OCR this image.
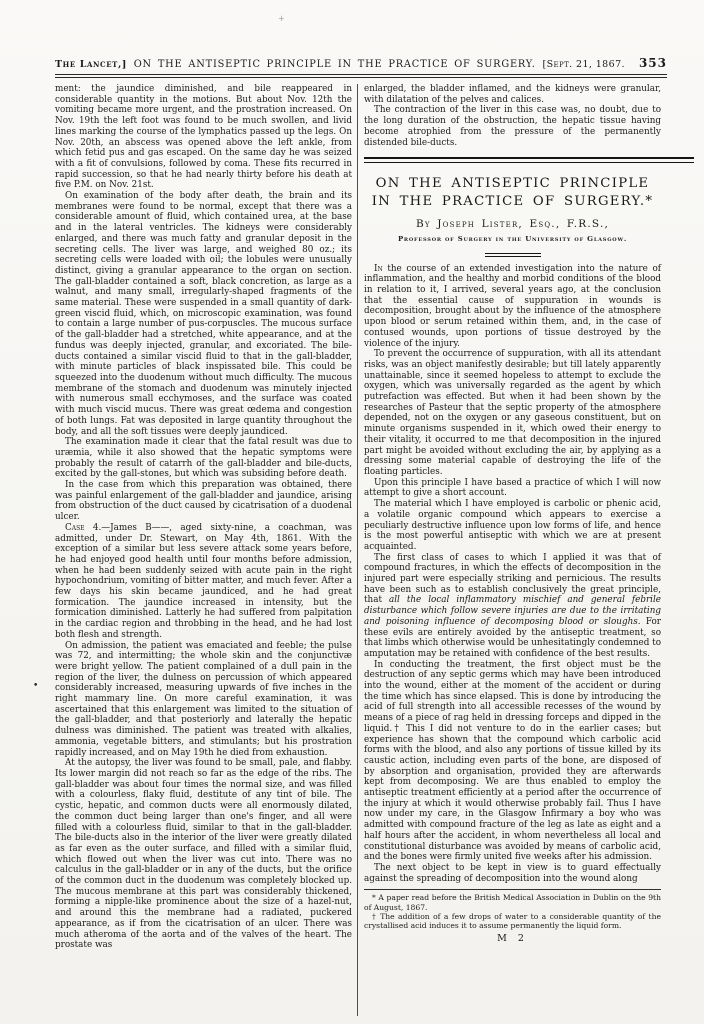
+
•
The Lancet,] ON THE ANTISEPTIC PRINCIPLE IN THE PRACTICE OF SURGERY. [Sept. 21, 1867. 353

ment: the jaundice diminished, and bile reappeared in considerable quantity in the motions. But about Nov. 12th the vomiting became more urgent, and the prostration increased. On Nov. 19th the left foot was found to be much swollen, and livid lines marking the course of the lymphatics passed up the legs. On Nov. 20th, an abscess was opened above the left ankle, from which fetid pus and gas escaped. On the same day he was seized with a fit of convulsions, followed by coma. These fits recurred in rapid succession, so that he had nearly thirty before his death at five P.M. on Nov. 21st.

On examination of the body after death, the brain and its membranes were found to be normal, except that there was a considerable amount of fluid, which contained urea, at the base and in the lateral ventricles. The kidneys were considerably enlarged, and there was much fatty and granular deposit in the secreting cells. The liver was large, and weighed 80 oz.; its secreting cells were loaded with oil; the lobules were unusually distinct, giving a granular appearance to the organ on section. The gall-bladder contained a soft, black concretion, as large as a walnut, and many small, irregularly-shaped fragments of the same material. These were suspended in a small quantity of dark-green viscid fluid, which, on microscopic examination, was found to contain a large number of pus-corpuscles. The mucous surface of the gall-bladder had a stretched, white appearance, and at the fundus was deeply injected, granular, and excoriated. The bile-ducts contained a similar viscid fluid to that in the gall-bladder, with minute particles of black inspissated bile. This could be squeezed into the duodenum without much difficulty. The mucous membrane of the stomach and duodenum was minutely injected with numerous small ecchymoses, and the surface was coated with much viscid mucus. There was great œdema and congestion of both lungs. Fat was deposited in large quantity throughout the body, and all the soft tissues were deeply jaundiced.

The examination made it clear that the fatal result was due to uræmia, while it also showed that the hepatic symptoms were probably the result of catarrh of the gall-bladder and bile-ducts, excited by the gall-stones, but which was subsiding before death.

In the case from which this preparation was obtained, there was painful enlargement of the gall-bladder and jaundice, arising from obstruction of the duct caused by cicatrisation of a duodenal ulcer.

Case 4.—James B——, aged sixty-nine, a coachman, was admitted, under Dr. Stewart, on May 4th, 1861. With the exception of a similar but less severe attack some years before, he had enjoyed good health until four months before admission, when he had been suddenly seized with acute pain in the right hypochondrium, vomiting of bitter matter, and much fever. After a few days his skin became jaundiced, and he had great formication. The jaundice increased in intensity, but the formication diminished. Latterly he had suffered from palpitation in the cardiac region and throbbing in the head, and he had lost both flesh and strength.

On admission, the patient was emaciated and feeble; the pulse was 72, and intermitting; the whole skin and the conjunctivæ were bright yellow. The patient complained of a dull pain in the region of the liver, the dulness on percussion of which appeared considerably increased, measuring upwards of five inches in the right mammary line. On more careful examination, it was ascertained that this enlargement was limited to the situation of the gall-bladder, and that posteriorly and laterally the hepatic dulness was diminished. The patient was treated with alkalies, ammonia, vegetable bitters, and stimulants; but his prostration rapidly increased, and on May 19th he died from exhaustion.

At the autopsy, the liver was found to be small, pale, and flabby. Its lower margin did not reach so far as the edge of the ribs. The gall-bladder was about four times the normal size, and was filled with a colourless, flaky fluid, destitute of any tint of bile. The cystic, hepatic, and common ducts were all enormously dilated, the common duct being larger than one's finger, and all were filled with a colourless fluid, similar to that in the gall-bladder. The bile-ducts also in the interior of the liver were greatly dilated as far even as the outer surface, and filled with a similar fluid, which flowed out when the liver was cut into. There was no calculus in the gall-bladder or in any of the ducts, but the orifice of the common duct in the duodenum was completely blocked up. The mucous membrane at this part was considerably thickened, forming a nipple-like prominence about the size of a hazel-nut, and around this the membrane had a radiated, puckered appearance, as if from the cicatrisation of an ulcer. There was much atheroma of the aorta and of the valves of the heart. The prostate was

enlarged, the bladder inflamed, and the kidneys were granular, with dilatation of the pelves and calices.

The contraction of the liver in this case was, no doubt, due to the long duration of the obstruction, the hepatic tissue having become atrophied from the pressure of the permanently distended bile-ducts.

ON THE ANTISEPTIC PRINCIPLE IN THE PRACTICE OF SURGERY.*
By Joseph Lister, Esq., F.R.S.,
Professor of Surgery in the University of Glasgow.

In the course of an extended investigation into the nature of inflammation, and the healthy and morbid conditions of the blood in relation to it, I arrived, several years ago, at the conclusion that the essential cause of suppuration in wounds is decomposition, brought about by the influence of the atmosphere upon blood or serum retained within them, and, in the case of contused wounds, upon portions of tissue destroyed by the violence of the injury.

To prevent the occurrence of suppuration, with all its attendant risks, was an object manifestly desirable; but till lately apparently unattainable, since it seemed hopeless to attempt to exclude the oxygen, which was universally regarded as the agent by which putrefaction was effected. But when it had been shown by the researches of Pasteur that the septic property of the atmosphere depended, not on the oxygen or any gaseous constituent, but on minute organisms suspended in it, which owed their energy to their vitality, it occurred to me that decomposition in the injured part might be avoided without excluding the air, by applying as a dressing some material capable of destroying the life of the floating particles.

Upon this principle I have based a practice of which I will now attempt to give a short account.

The material which I have employed is carbolic or phenic acid, a volatile organic compound which appears to exercise a peculiarly destructive influence upon low forms of life, and hence is the most powerful antiseptic with which we are at present acquainted.

The first class of cases to which I applied it was that of compound fractures, in which the effects of decomposition in the injured part were especially striking and pernicious. The results have been such as to establish conclusively the great principle, that all the local inflammatory mischief and general febrile disturbance which follow severe injuries are due to the irritating and poisoning influence of decomposing blood or sloughs. For these evils are entirely avoided by the antiseptic treatment, so that limbs which otherwise would be unhesitatingly condemned to amputation may be retained with confidence of the best results.

In conducting the treatment, the first object must be the destruction of any septic germs which may have been introduced into the wound, either at the moment of the accident or during the time which has since elapsed. This is done by introducing the acid of full strength into all accessible recesses of the wound by means of a piece of rag held in dressing forceps and dipped in the liquid.† This I did not venture to do in the earlier cases; but experience has shown that the compound which carbolic acid forms with the blood, and also any portions of tissue killed by its caustic action, including even parts of the bone, are disposed of by absorption and organisation, provided they are afterwards kept from decomposing. We are thus enabled to employ the antiseptic treatment efficiently at a period after the occurrence of the injury at which it would otherwise probably fail. Thus I have now under my care, in the Glasgow Infirmary a boy who was admitted with compound fracture of the leg as late as eight and a half hours after the accident, in whom nevertheless all local and constitutional disturbance was avoided by means of carbolic acid, and the bones were firmly united five weeks after his admission.

The next object to be kept in view is to guard effectually against the spreading of decomposition into the wound along

* A paper read before the British Medical Association in Dublin on the 9th of August, 1867.

† The addition of a few drops of water to a considerable quantity of the crystallised acid induces it to assume permanently the liquid form.

M 2
